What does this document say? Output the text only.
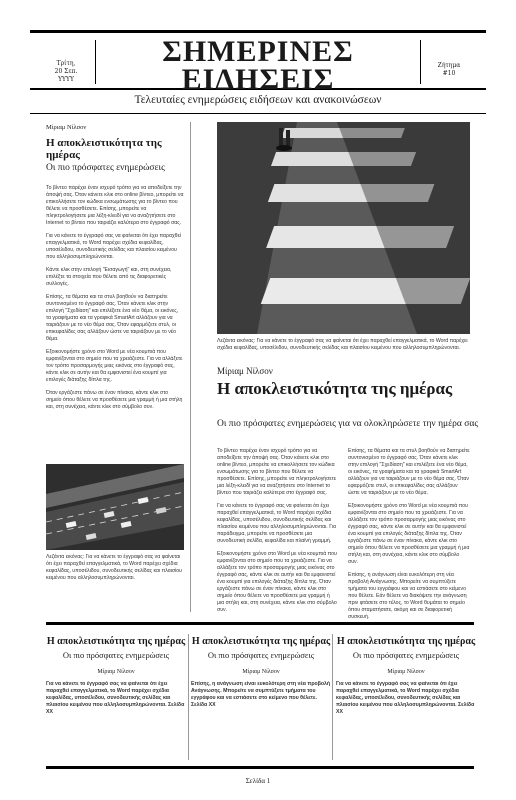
Τρίτη,
20 Σεπ.
YYYY
ΣΗΜΕΡΙΝΕΣ
ΕΙΔΗΣΕΙΣ	Ζήτημα
#10
Τελευταίες ενημερώσεις ειδήσεων και ανακοινώσεων
Μίριαμ Νίλσον
Η αποκλειστικότητα της ημέρας
Οι πιο πρόσφατες ενημερώσεις

Το βίντεο παρέχει έναν ισχυρό τρόπο για να αποδείξετε την άποψή σας. Όταν κάνετε κλικ στο online βίντεο, μπορείτε να επικολλήσετε τον κώδικα ενσωμάτωσης για το βίντεο που θέλετε να προσθέσετε. Επίσης, μπορείτε να πληκτρολογήσετε μια λέξη-κλειδί για να αναζητήσετε στο Internet το βίντεο που ταιριάζει καλύτερα στο έγγραφό σας.

Για να κάνετε το έγγραφό σας να φαίνεται ότι έχει παραχθεί επαγγελματικά, το Word παρέχει σχέδια κεφαλίδας, υποσέλιδου, συνοδευτικής σελίδας και πλαισίου κειμένου που αλληλοσυμπληρώνονται.

Κάντε κλικ στην επιλογή "Εισαγωγή" και, στη συνέχεια, επιλέξτε τα στοιχεία που θέλετε από τις διαφορετικές συλλογές.

Επίσης, τα θέματα και τα στυλ βοηθούν να διατηρείτε συντονισμένο το έγγραφό σας. Όταν κάνετε κλικ στην επιλογή "Σχεδίαση" και επιλέξετε ένα νέο θέμα, οι εικόνες, τα γραφήματα και τα γραφικά SmartArt αλλάζουν για να ταιριάζουν με το νέο θέμα σας. Όταν εφαρμόζετε στυλ, οι επικεφαλίδες σας αλλάζουν ώστε να ταιριάζουν με το νέο θέμα.

Εξοικονομήστε χρόνο στο Word με νέα κουμπιά που εμφανίζονται στο σημείο που τα χρειάζεστε. Για να αλλάξετε τον τρόπο προσαρμογής μιας εικόνας στο έγγραφό σας, κάντε κλικ σε αυτήν και θα εμφανιστεί ένα κουμπί για επιλογές διάταξης δίπλα της.

Όταν εργάζεστε πάνω σε έναν πίνακα, κάντε κλικ στο σημείο όπου θέλετε να προσθέσετε μια γραμμή ή μια στήλη και, στη συνέχεια, κάντε κλικ στο σύμβολο συν.

Λεζάντα εικόνας: Για να κάνετε το έγγραφό σας να φαίνεται ότι έχει παραχθεί επαγγελματικά, το Word παρέχει σχέδια κεφαλίδας, υποσέλιδου, συνοδευτικής σελίδας και πλαισίου κειμένου που αλληλοσυμπληρώνονται.
Λεζάντα εικόνας: Για να κάνετε το έγγραφό σας να φαίνεται ότι έχει παραχθεί επαγγελματικά, το Word παρέχει σχέδια κεφαλίδας, υποσέλιδου, συνοδευτικής σελίδας και πλαισίου κειμένου που αλληλοσυμπληρώνονται.
Μίριαμ Νίλσον
Η αποκλειστικότητα της ημέρας
Οι πιο πρόσφατες ενημερώσεις για να ολοκληρώσετε την ημέρα σας

Το βίντεο παρέχει έναν ισχυρό τρόπο για να αποδείξετε την άποψή σας. Όταν κάνετε κλικ στο online βίντεο, μπορείτε να επικολλήσετε τον κώδικα ενσωμάτωσης για το βίντεο που θέλετε να προσθέσετε. Επίσης, μπορείτε να πληκτρολογήσετε μια λέξη-κλειδί για να αναζητήσετε στο Internet το βίντεο που ταιριάζει καλύτερα στο έγγραφό σας.

Για να κάνετε το έγγραφό σας να φαίνεται ότι έχει παραχθεί επαγγελματικά, το Word παρέχει σχέδια κεφαλίδας, υποσέλιδου, συνοδευτικής σελίδας και πλαισίου κειμένου που αλληλοσυμπληρώνονται. Για παράδειγμα, μπορείτε να προσθέσετε μια συνοδευτική σελίδα, κεφαλίδα και πλαϊνή γραμμή.

Εξοικονομήστε χρόνο στο Word με νέα κουμπιά που εμφανίζονται στο σημείο που τα χρειάζεστε. Για να αλλάξετε τον τρόπο προσαρμογής μιας εικόνας στο έγγραφό σας, κάντε κλικ σε αυτήν και θα εμφανιστεί ένα κουμπί για επιλογές διάταξης δίπλα της. Όταν εργάζεστε πάνω σε έναν πίνακα, κάντε κλικ στο σημείο όπου θέλετε να προσθέσετε μια γραμμή ή μια στήλη και, στη συνέχεια, κάντε κλικ στο σύμβολο συν.

Επίσης, τα θέματα και τα στυλ βοηθούν να διατηρείτε συντονισμένο το έγγραφό σας. Όταν κάνετε κλικ στην επιλογή "Σχεδίαση" και επιλέξετε ένα νέο θέμα, οι εικόνες, τα γραφήματα και τα γραφικά SmartArt αλλάζουν για να ταιριάζουν με το νέο θέμα σας. Όταν εφαρμόζετε στυλ, οι επικεφαλίδες σας αλλάζουν ώστε να ταιριάζουν με το νέο θέμα.

Εξοικονομήστε χρόνο στο Word με νέα κουμπιά που εμφανίζονται στο σημείο που τα χρειάζεστε. Για να αλλάξετε τον τρόπο προσαρμογής μιας εικόνας στο έγγραφό σας, κάντε κλικ σε αυτήν και θα εμφανιστεί ένα κουμπί για επιλογές διάταξης δίπλα της. Όταν εργάζεστε πάνω σε έναν πίνακα, κάντε κλικ στο σημείο όπου θέλετε να προσθέσετε μια γραμμή ή μια στήλη και, στη συνέχεια, κάντε κλικ στο σύμβολο συν.

Επίσης, η ανάγνωση είναι ευκολότερη στη νέα προβολή Ανάγνωσης. Μπορείτε να συμπτύξετε τμήματα του εγγράφου και να εστιάσετε στο κείμενο που θέλετε. Εάν θέλετε να διακόψετε την ανάγνωση πριν φτάσετε στο τέλος, το Word θυμάται το σημείο όπου σταματήσατε, ακόμη και σε διαφορετική συσκευή.

Η αποκλειστικότητα της ημέρας
Οι πιο πρόσφατες ενημερώσεις
Μίριαμ Νίλσον
Για να κάνετε το έγγραφό σας να φαίνεται ότι έχει παραχθεί επαγγελματικά, το Word παρέχει σχέδια κεφαλίδας, υποσέλιδου, συνοδευτικής σελίδας και πλαισίου κειμένου που αλληλοσυμπληρώνονται. Σελίδα XX
Η αποκλειστικότητα της ημέρας
Οι πιο πρόσφατες ενημερώσεις
Μίριαμ Νίλσον
Επίσης, η ανάγνωση είναι ευκολότερη στη νέα προβολή Ανάγνωσης. Μπορείτε να συμπτύξετε τμήματα του εγγράφου και να εστιάσετε στο κείμενο που θέλετε. Σελίδα XX
Η αποκλειστικότητα της ημέρας
Οι πιο πρόσφατες ενημερώσεις
Μίριαμ Νίλσον
Για να κάνετε το έγγραφό σας να φαίνεται ότι έχει παραχθεί επαγγελματικά, το Word παρέχει σχέδια κεφαλίδας, υποσέλιδου, συνοδευτικής σελίδας και πλαισίου κειμένου που αλληλοσυμπληρώνονται. Σελίδα XX
Σελίδα 1
